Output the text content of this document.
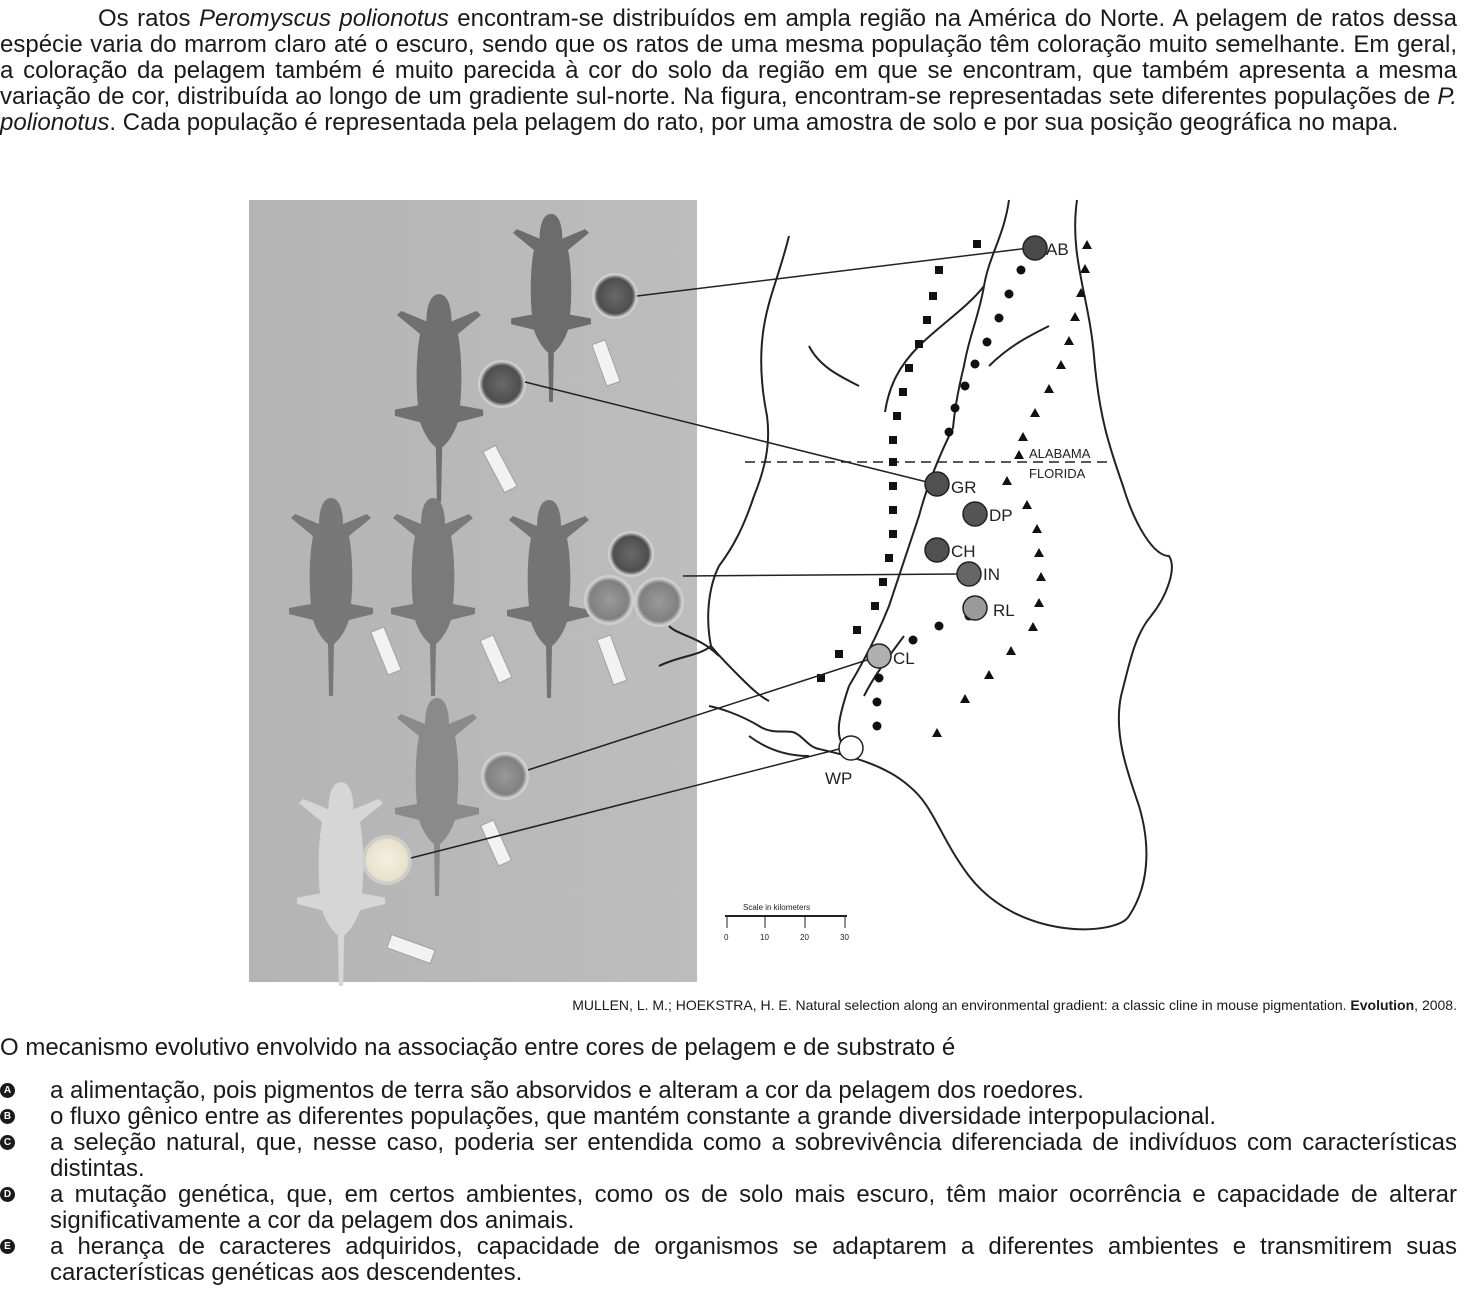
Os ratos Peromyscus polionotus encontram-se distribuídos em ampla região na América do Norte. A pelagem de ratos dessa espécie varia do marrom claro até o escuro, sendo que os ratos de uma mesma população têm coloração muito semelhante. Em geral, a coloração da pelagem também é muito parecida à cor do solo da região em que se encontram, que também apresenta a mesma variação de cor, distribuída ao longo de um gradiente sul-norte. Na figura, encontram-se representadas sete diferentes populações de P. polionotus. Cada população é representada pela pelagem do rato, por uma amostra de solo e por sua posição geográfica no mapa.

ALABAMA
FLORIDA
AB
GR
DP
CH
IN
RL
CL
WP
Scale in kilometers
0	10	20	30
MULLEN, L. M.; HOEKSTRA, H. E. Natural selection along an environmental gradient: a classic cline in mouse pigmentation. Evolution, 2008.

O mecanismo evolutivo envolvido na associação entre cores de pelagem e de substrato é

A a alimentação, pois pigmentos de terra são absorvidos e alteram a cor da pelagem dos roedores.
B o fluxo gênico entre as diferentes populações, que mantém constante a grande diversidade interpopulacional.
C a seleção natural, que, nesse caso, poderia ser entendida como a sobrevivência diferenciada de indivíduos com características distintas.
D a mutação genética, que, em certos ambientes, como os de solo mais escuro, têm maior ocorrência e capacidade de alterar significativamente a cor da pelagem dos animais.
E a herança de caracteres adquiridos, capacidade de organismos se adaptarem a diferentes ambientes e transmitirem suas características genéticas aos descendentes.
